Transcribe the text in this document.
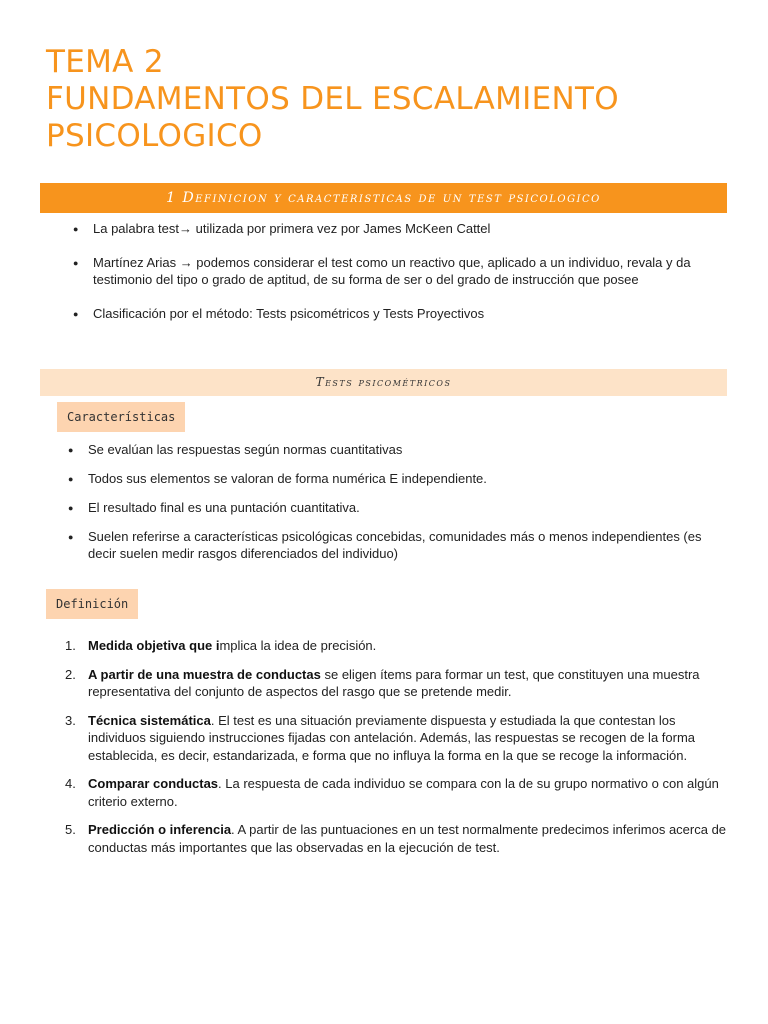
TEMA 2
FUNDAMENTOS DEL ESCALAMIENTO
PSICOLOGICO
1 Definicion y caracteristicas de un test psicologico
● La palabra test→ utilizada por primera vez por James McKeen Cattel
● Martínez Arias → podemos considerar el test como un reactivo que, aplicado a un individuo, revala y da testimonio del tipo o grado de aptitud, de su forma de ser o del grado de instrucción que posee
● Clasificación por el método: Tests psicométricos y Tests Proyectivos
Tests psicométricos
Características
● Se evalúan las respuestas según normas cuantitativas
● Todos sus elementos se valoran de forma numérica E independiente.
● El resultado final es una puntación cuantitativa.
● Suelen referirse a características psicológicas concebidas, comunidades más o menos independientes (es decir suelen medir rasgos diferenciados del individuo)
Definición
1. Medida objetiva que implica la idea de precisión.
2. A partir de una muestra de conductas se eligen ítems para formar un test, que constituyen una muestra representativa del conjunto de aspectos del rasgo que se pretende medir.
3. Técnica sistemática. El test es una situación previamente dispuesta y estudiada la que contestan los individuos siguiendo instrucciones fijadas con antelación. Además, las respuestas se recogen de la forma establecida, es decir, estandarizada, e forma que no influya la forma en la que se recoge la información.
4. Comparar conductas. La respuesta de cada individuo se compara con la de su grupo normativo o con algún criterio externo.
5. Predicción o inferencia. A partir de las puntuaciones en un test normalmente predecimos inferimos acerca de conductas más importantes que las observadas en la ejecución de test.
